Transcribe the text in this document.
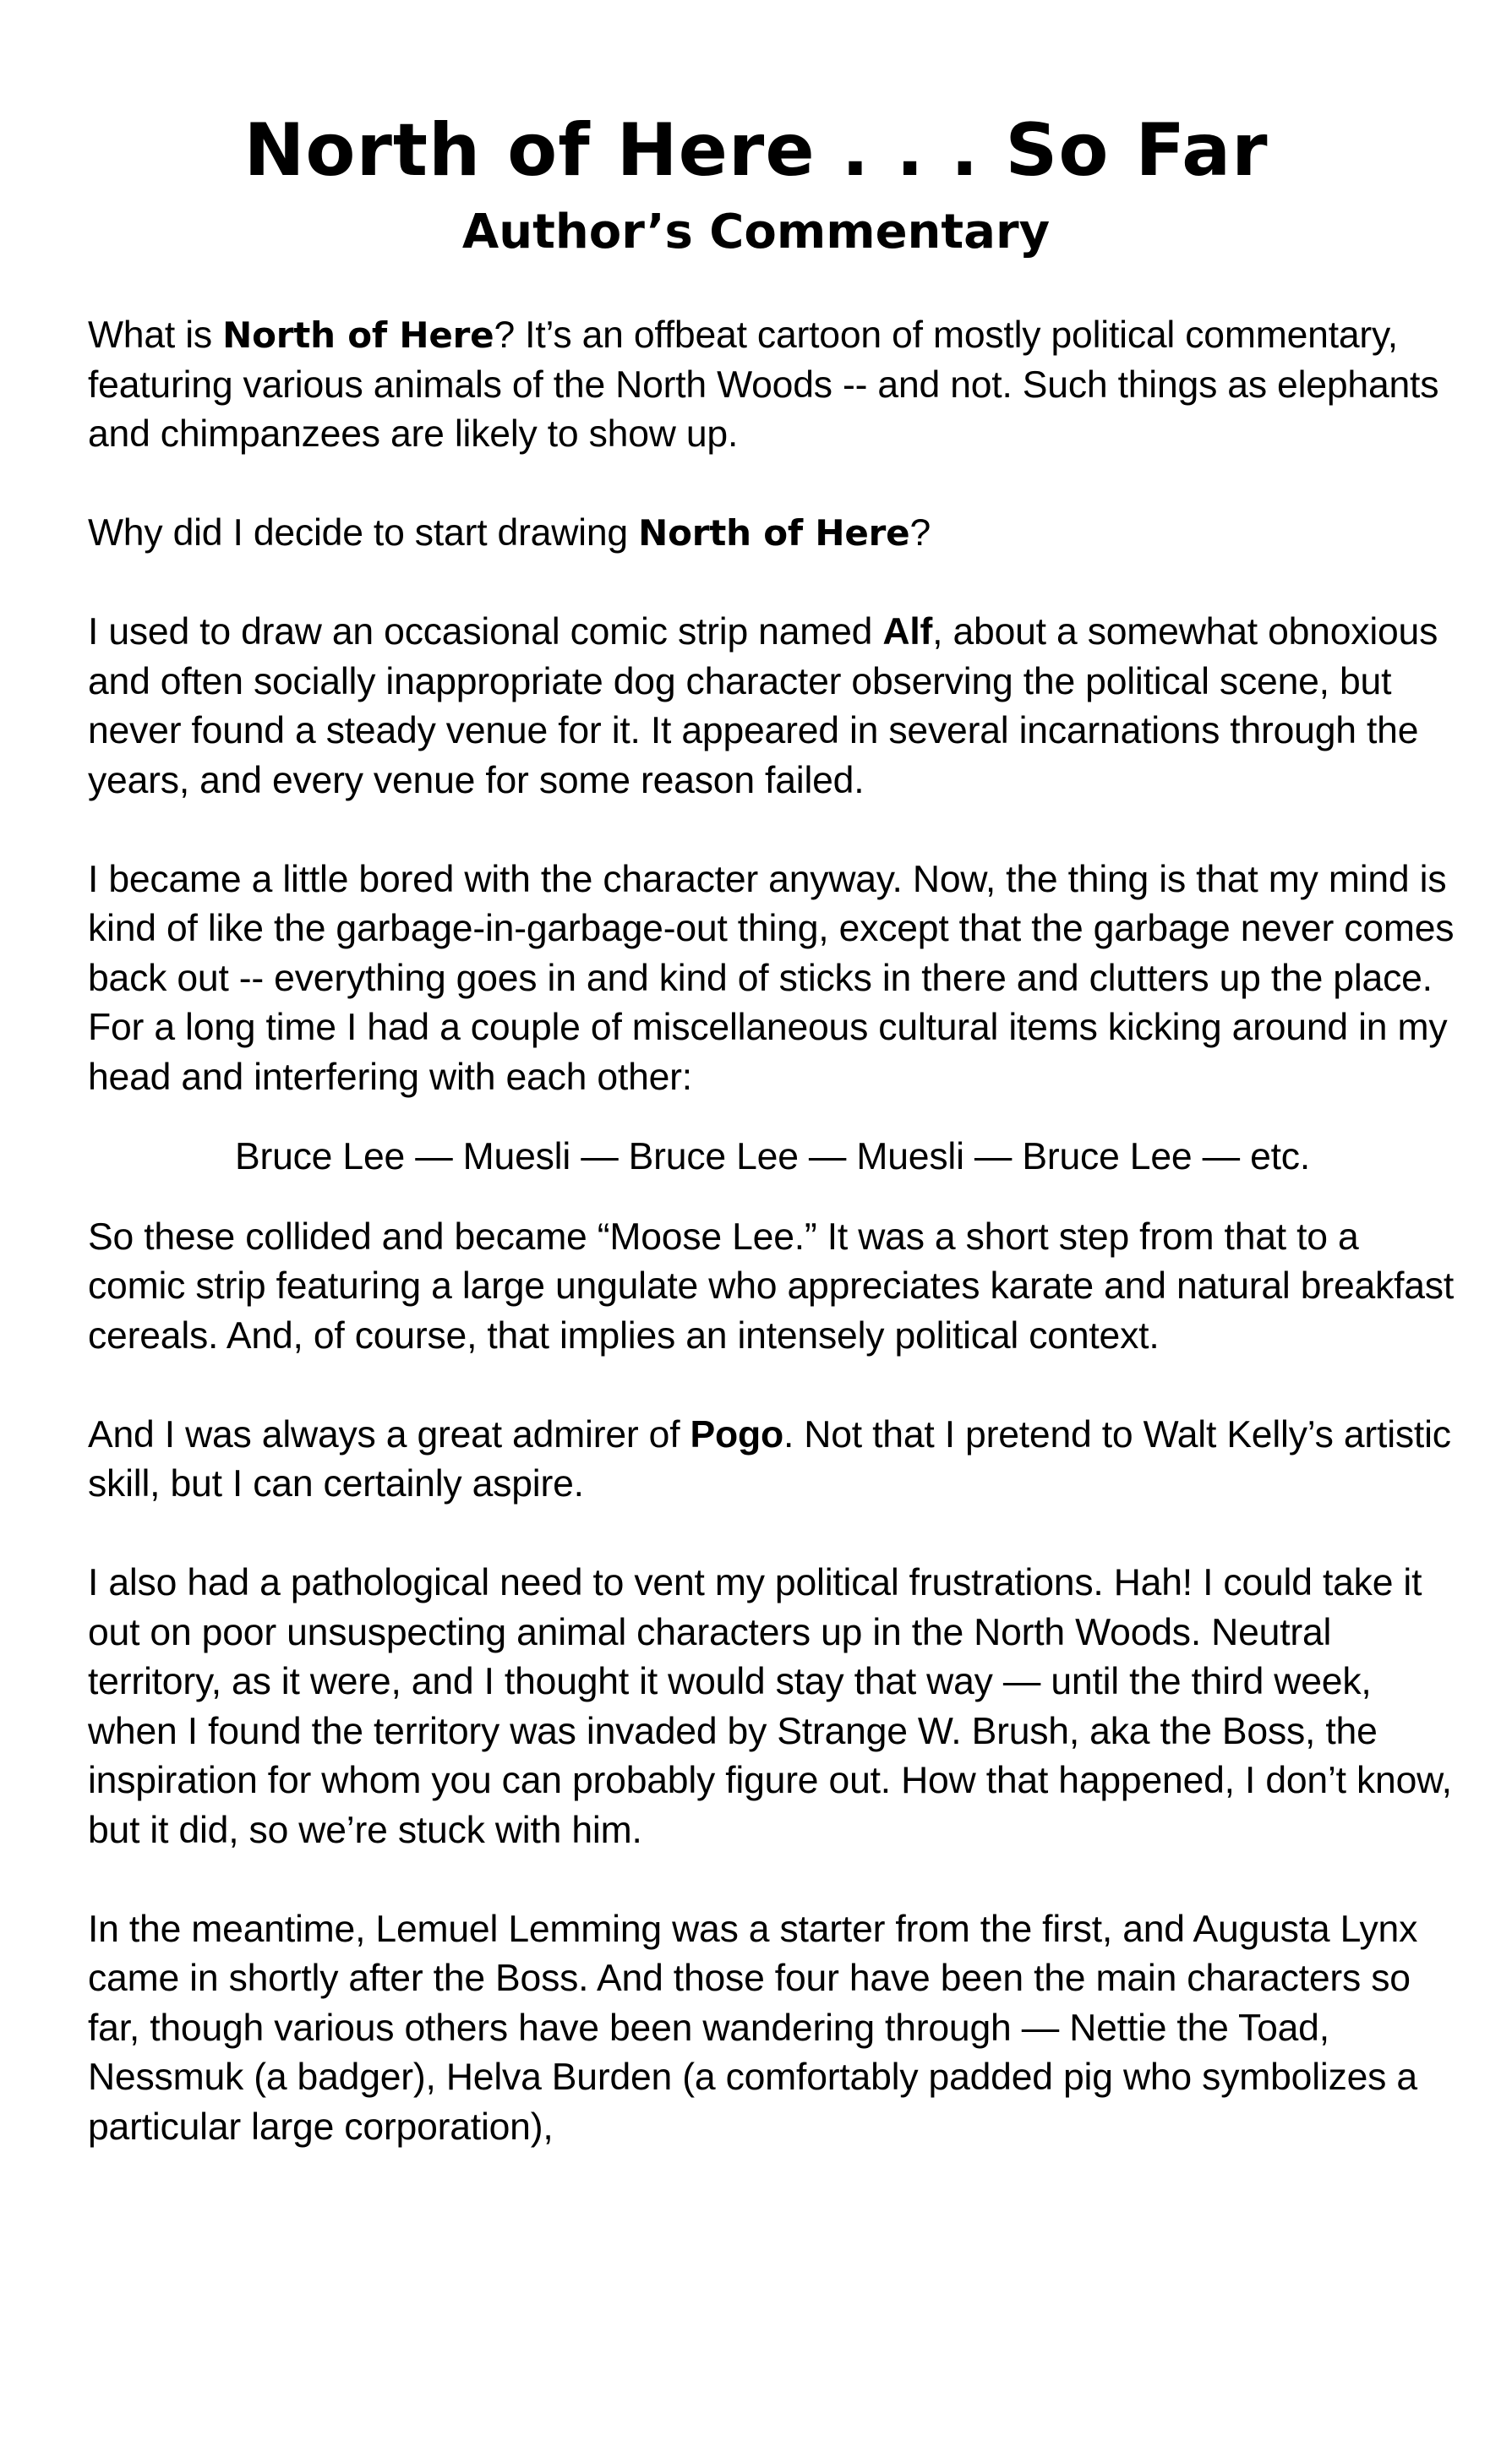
North of Here . . . So Far
Author’s Commentary

What is North of Here? It’s an offbeat cartoon of mostly political commentary, featuring various animals of the North Woods -- and not. Such things as elephants and chimpanzees are likely to show up.

Why did I decide to start drawing North of Here?

I used to draw an occasional comic strip named Alf, about a somewhat obnoxious and often socially inappropriate dog character observing the political scene, but never found a steady venue for it. It appeared in several incarnations through the years, and every venue for some reason failed.

I became a little bored with the character anyway. Now, the thing is that my mind is kind of like the garbage-in-garbage-out thing, except that the garbage never comes back out -- everything goes in and kind of sticks in there and clutters up the place. For a long time I had a couple of miscellaneous cultural items kicking around in my head and interfering with each other:

Bruce Lee — Muesli — Bruce Lee — Muesli — Bruce Lee — etc.

So these collided and became “Moose Lee.” It was a short step from that to a comic strip featuring a large ungulate who appreciates karate and natural breakfast cereals. And, of course, that implies an intensely political context.

And I was always a great admirer of Pogo. Not that I pretend to Walt Kelly’s artistic skill, but I can certainly aspire.

I also had a pathological need to vent my political frustrations. Hah! I could take it out on poor unsuspecting animal characters up in the North Woods. Neutral territory, as it were, and I thought it would stay that way — until the third week, when I found the territory was invaded by Strange W. Brush, aka the Boss, the inspiration for whom you can probably figure out. How that happened, I don’t know, but it did, so we’re stuck with him.

In the meantime, Lemuel Lemming was a starter from the first, and Augusta Lynx came in shortly after the Boss. And those four have been the main characters so far, though various others have been wandering through — Nettie the Toad, Nessmuk (a badger), Helva Burden (a comfortably padded pig who symbolizes a particular large corporation),
